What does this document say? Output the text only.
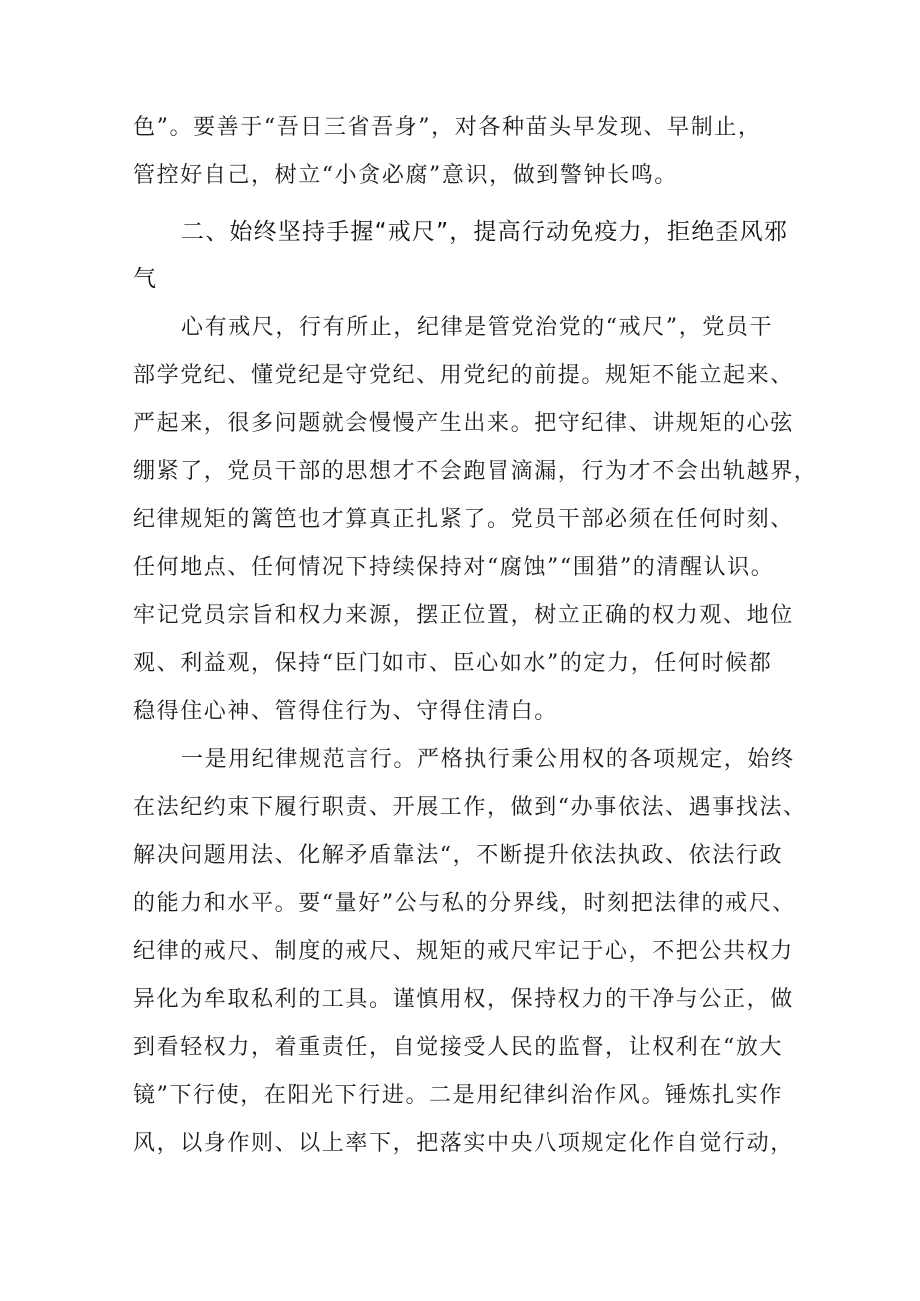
色”。要善于“吾日三省吾身”，对各种苗头早发现、早制止，
管控好自己，树立“小贪必腐”意识，做到警钟长鸣。
二、始终坚持手握“戒尺”，提高行动免疫力，拒绝歪风邪
气
心有戒尺，行有所止，纪律是管党治党的“戒尺”，党员干
部学党纪、懂党纪是守党纪、用党纪的前提。规矩不能立起来、
严起来，很多问题就会慢慢产生出来。把守纪律、讲规矩的心弦
绷紧了，党员干部的思想才不会跑冒滴漏，行为才不会出轨越界，
纪律规矩的篱笆也才算真正扎紧了。党员干部必须在任何时刻、
任何地点、任何情况下持续保持对“腐蚀”“围猎”的清醒认识。
牢记党员宗旨和权力来源，摆正位置，树立正确的权力观、地位
观、利益观，保持“臣门如市、臣心如水”的定力，任何时候都
稳得住心神、管得住行为、守得住清白。
一是用纪律规范言行。严格执行秉公用权的各项规定，始终
在法纪约束下履行职责、开展工作，做到“办事依法、遇事找法、
解决问题用法、化解矛盾靠法“，不断提升依法执政、依法行政
的能力和水平。要“量好”公与私的分界线，时刻把法律的戒尺、
纪律的戒尺、制度的戒尺、规矩的戒尺牢记于心，不把公共权力
异化为牟取私利的工具。谨慎用权，保持权力的干净与公正，做
到看轻权力，着重责任，自觉接受人民的监督，让权利在“放大
镜”下行使，在阳光下行进。二是用纪律纠治作风。锤炼扎实作
风，以身作则、以上率下，把落实中央八项规定化作自觉行动，
